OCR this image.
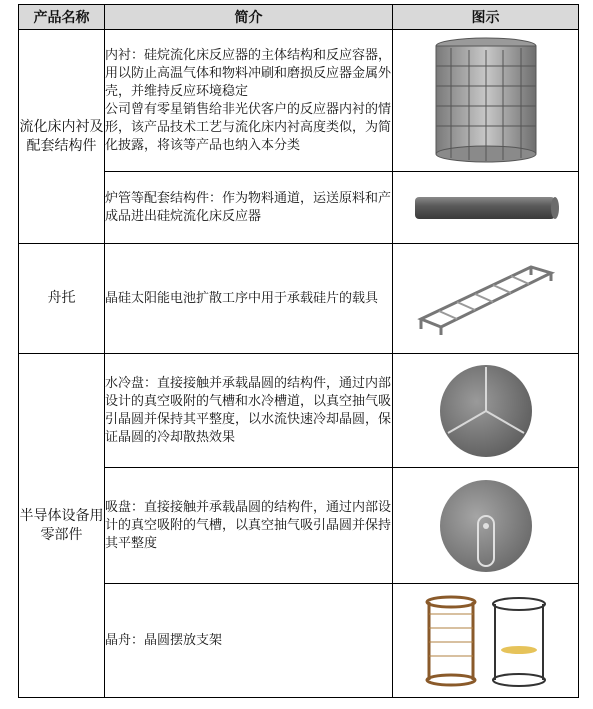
产品名称	简介	图示
流化床内衬及配套结构件	内衬：硅烷流化床反应器的主体结构和反应容器，用以防止高温气体和物料冲刷和磨损反应器金属外壳，并维持反应环境稳定

公司曾有零星销售给非光伏客户的反应器内衬的情形，该产品技术工艺与流化床内衬高度类似，为简化披露，将该等产品也纳入本分类

	炉管等配套结构件：作为物料通道，运送原料和产成品进出硅烷流化床反应器

舟托	晶硅太阳能电池扩散工序中用于承载硅片的载具

半导体设备用零部件	水冷盘：直接接触并承载晶圆的结构件，通过内部设计的真空吸附的气槽和水冷槽道，以真空抽气吸引晶圆并保持其平整度，以水流快速冷却晶圆，保证晶圆的冷却散热效果

	吸盘：直接接触并承载晶圆的结构件，通过内部设计的真空吸附的气槽，以真空抽气吸引晶圆并保持其平整度

	晶舟：晶圆摆放支架
